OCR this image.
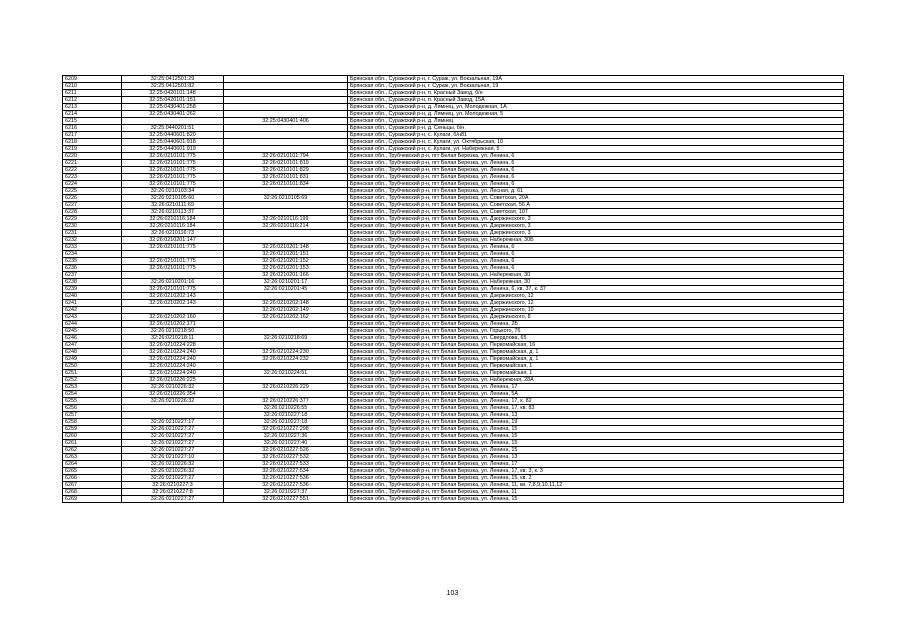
6209	32:25:0412501:29		Брянская обл., Суражский р-н, г. Сураж, ул. Вокзальная, 19А
6210	32:25:0412501:82		Брянская обл., Суражский р-н, г. Сураж, ул. Вокзальная, 19
6211	32:25:0420101:148		Брянская обл., Суражский р-н, п. Красный Завод, б/н
6212	32:25:0420101:151		Брянская обл., Суражский р-н, п. Красный Завод, 15А
6213	32:25:0430401:258		Брянская обл., Суражский р-н, д. Лямнец, ул. Молодежная, 1А
6214	32:25:0430401:262		Брянская обл., Суражский р-н, д. Лямнец, ул. Молодежная, 5
6215		32:25:0430401:406	Брянская обл., Суражский р-н, д. Лямнец
6216	32:25:0440201:51		Брянская обл., Суражский р-н, д. Сеньцы, б/н
6217	32:25:0440601:820		Брянская обл., Суражский р-н, с. Кулаги, б/н81
6218	32:25:0440601:918		Брянская обл., Суражский р-н, с. Кулаги, ул. Октябрьская, 10
6219	32:25:0440601:919		Брянская обл., Суражский р-н, с. Кулаги, ул. Набережная, 5
6220	32:26:0210101:775	32:26:0210101:794	Брянская обл., Трубчевский р-н, пгт Белая Березка, ул. Ленина, 6
6221	32:26:0210101:775	32:26:0210101:819	Брянская обл., Трубчевский р-н, пгт Белая Березка, ул. Ленина, 6
6222	32:26:0210101:775	32:26:0210101:829	Брянская обл., Трубчевский р-н, пгт Белая Березка, ул. Ленина, 6
6223	32:26:0210101:775	32:26:0210101:831	Брянская обл., Трубчевский р-н, пгт Белая Березка, ул. Ленина, 6
6224	32:26:0210101:775	32:26:0210101:834	Брянская обл., Трубчевский р-н, пгт Белая Березка, ул. Ленина, 6
6225	32:26:0210103:34		Брянская обл., Трубчевский р-н, пгт Белая Березка, ул. Лесная, д. 61
6226	32:26:0210105:60	32:26:0210105:69	Брянская обл., Трубчевский р-н, пгт Белая Березка, ул. Советская, 20А
6227	32:26:0210111:69		Брянская обл., Трубчевский р-н, пгт Белая Березка, ул. Советская, 56 А
6228	32:26:0210113:37		Брянская обл., Трубчевский р-н, пгт Белая Березка, ул. Советская, 107
6229	32:26:0210116:184	32:26:0210116:199	Брянская обл., Трубчевский р-н, пгт Белая Березка, ул. Дзержинского, 3
6230	32:26:0210116:184	32:26:0210116:214	Брянская обл., Трубчевский р-н, пгт Белая Березка, ул. Дзержинского, 3
6231	32:26:0210116:73		Брянская обл., Трубчевский р-н, пгт Белая Березка, ул. Дзержинского, 3
6232	32:26:0210201:147		Брянская обл., Трубчевский р-н, пгт Белая Березка, ул. Набережная, 30Б
6233	32:26:0210101:775	32:26:0210201:148	Брянская обл., Трубчевский р-н, пгт Белая Березка, ул. Ленина, 6
6234		32:26:0210201:151	Брянская обл., Трубчевский р-н, пгт Белая Березка, ул. Ленина, 6
6235	32:26:0210101:775	32:26:0210201:152	Брянская обл., Трубчевский р-н, пгт Белая Березка, ул. Ленина, 6
6236	32:26:0210101:775	32:26:0210201:153	Брянская обл., Трубчевский р-н, пгт Белая Березка, ул. Ленина, 6
6237		32:26:0210201:166	Брянская обл., Трубчевский р-н, пгт Белая Березка, ул. Набережная, 30
6238	32:26:0210201:16	32:26:0210201:17	Брянская обл., Трубчевский р-н, пгт Белая Березка, ул. Набережная, 30
6239	32:26:0210101:775	32:26:0210201:45	Брянская обл., Трубчевский р-н, пгт Белая Березка, ул. Ленина, 6, кв. 37, к. 37
6240	32:26:0210202:143		Брянская обл., Трубчевский р-н, пгт Белая Березка, ул. Дзержинского, 12
6241	32:26:0210202:143	32:26:0210202:148	Брянская обл., Трубчевский р-н, пгт Белая Березка, ул. Дзержинского, 12
6242		32:26:0210202:149	Брянская обл., Трубчевский р-н, пгт Белая Березка, ул. Дзержинского, 10
6243	32:26:0210202:160	32:26:0210202:162	Брянская обл., Трубчевский р-н, пгт Белая Березка, ул. Дзержинского, 8
6244	32:26:0210202:171		Брянская обл., Трубчевский р-н, пгт Белая Березка, ул. Ленина, 2Б
6245	32:26:0210218:50		Брянская обл., Трубчевский р-н, пгт Белая Березка, ул. Горького, 76
6246	32:26:0210218:11	32:26:0210218:69	Брянская обл., Трубчевский р-н, пгт Белая Березка, ул. Свердлова, 65
6247	32:26:0210224:228		Брянская обл., Трубчевский р-н, пгт Белая Березка, ул. Первомайская, 16
6248	32:26:0210224:240	32:26:0210224:230	Брянская обл., Трубчевский р-н, пгт Белая Березка, ул. Первомайская, д. 1
6249	32:26:0210224:240	32:26:0210224:232	Брянская обл., Трубчевский р-н, пгт Белая Березка, ул. Первомайская, д. 1
6250	32:26:0210224:240		Брянская обл., Трубчевский р-н, пгт Белая Березка, ул. Первомайская, 1
6251	32:26:0210224:240	32:26:0210224:51	Брянская обл., Трубчевский р-н, пгт Белая Березка, ул. Первомайская, 1
6252	32:26:0210226:225		Брянская обл., Трубчевский р-н, пгт Белая Березка, ул. Набережная, 28А
6253	32:26:0210226:32	32:26:0210226:229	Брянская обл., Трубчевский р-н, пгт Белая Березка, ул. Ленина, 17
6254	32:26:0210226:354		Брянская обл., Трубчевский р-н, пгт Белая Березка, ул. Ленина, 5А
6255	32:26:0210226:32	32:26:0210226:377	Брянская обл., Трубчевский р-н, пгт Белая Березка, ул. Ленина, 17, к. 82
6256		32:26:0210226:55	Брянская обл., Трубчевский р-н, пгт Белая Березка, ул. Ленина, 17, кв. 83
6257		32:26:0210227:18	Брянская обл., Трубчевский р-н, пгт Белая Березка, ул. Ленина, 13
6258	32:26:0210227:17	32:26:0210227:18	Брянская обл., Трубчевский р-н, пгт Белая Березка, ул. Ленина, 19
6259	32:26:0210227:27	32:26:0210227:298	Брянская обл., Трубчевский р-н, пгт Белая Березка, ул. Ленина, 15
6260	32:26:0210227:27	32:26:0210227:36	Брянская обл., Трубчевский р-н, пгт Белая Березка, ул. Ленина, 15
6261	32:26:0210227:27	32:26:0210227:40	Брянская обл., Трубчевский р-н, пгт Белая Березка, ул. Ленина, 15
6262	32:26:0210227:27	32:26:0210227:526	Брянская обл., Трубчевский р-н, пгт Белая Березка, ул. Ленина, 15
6263	32:26:0210227:10	32:26:0210227:532	Брянская обл., Трубчевский р-н, пгт Белая Березка, ул. Ленина, 13
6264	32:26:0210226:32	32:26:0210227:533	Брянская обл., Трубчевский р-н, пгт Белая Березка, ул. Ленина, 17
6265	32:26:0210226:32	32:26:0210227:534	Брянская обл., Трубчевский р-н, пгт Белая Березка, ул. Ленина, 17, кв. 3, к. 3
6266	32:26:0210227:27	32:26:0210227:536	Брянская обл., Трубчевский р-н, пгт Белая Березка, ул. Ленина, 15, кв. 2
6267	32:26:0210227:3	32:26:0210227:536	Брянская обл., Трубчевский р-н, пгт Белая Березка, ул. Ленина, 11, кв. 7,8,9,10,11,12
6268	32:26:0210227:8	32:26:0210227:37	Брянская обл., Трубчевский р-н, пгт Белая Березка, ул. Ленина, 11
6269	32:26:0210227:27	32:26:0210227:551	Брянская обл., Трубчевский р-н, пгт Белая Березка, ул. Ленина, 15
103
